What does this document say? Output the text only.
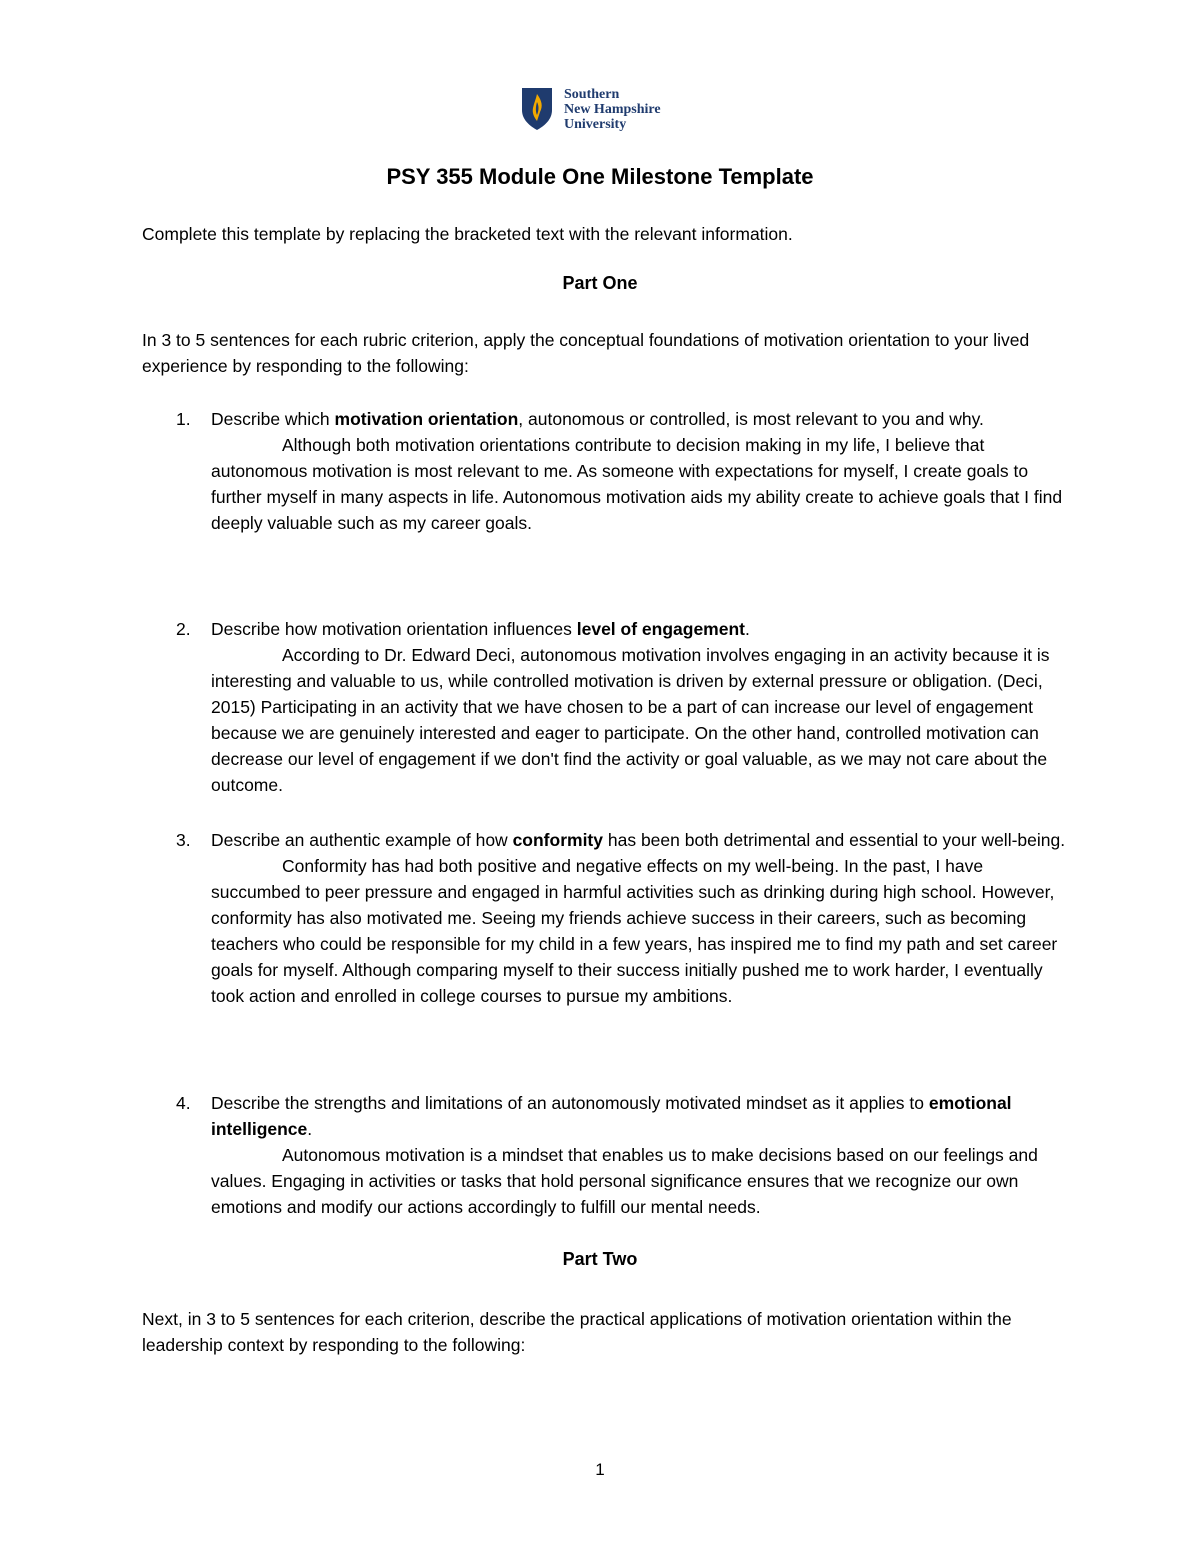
Southern
New Hampshire
University
PSY 355 Module One Milestone Template
Complete this template by replacing the bracketed text with the relevant information.
Part One
In 3 to 5 sentences for each rubric criterion, apply the conceptual foundations of motivation orientation to your lived experience by responding to the following:
1. Describe which motivation orientation, autonomous or controlled, is most relevant to you and why.
Although both motivation orientations contribute to decision making in my life, I believe that autonomous motivation is most relevant to me. As someone with expectations for myself, I create goals to further myself in many aspects in life. Autonomous motivation aids my ability create to achieve goals that I find deeply valuable such as my career goals.
2. Describe how motivation orientation influences level of engagement.
According to Dr. Edward Deci, autonomous motivation involves engaging in an activity because it is interesting and valuable to us, while controlled motivation is driven by external pressure or obligation. (Deci, 2015) Participating in an activity that we have chosen to be a part of can increase our level of engagement because we are genuinely interested and eager to participate. On the other hand, controlled motivation can decrease our level of engagement if we don't find the activity or goal valuable, as we may not care about the outcome.
3. Describe an authentic example of how conformity has been both detrimental and essential to your well-being.
Conformity has had both positive and negative effects on my well-being. In the past, I have succumbed to peer pressure and engaged in harmful activities such as drinking during high school. However, conformity has also motivated me. Seeing my friends achieve success in their careers, such as becoming teachers who could be responsible for my child in a few years, has inspired me to find my path and set career goals for myself. Although comparing myself to their success initially pushed me to work harder, I eventually took action and enrolled in college courses to pursue my ambitions.
4. Describe the strengths and limitations of an autonomously motivated mindset as it applies to emotional intelligence.
Autonomous motivation is a mindset that enables us to make decisions based on our feelings and values. Engaging in activities or tasks that hold personal significance ensures that we recognize our own emotions and modify our actions accordingly to fulfill our mental needs.
Part Two
Next, in 3 to 5 sentences for each criterion, describe the practical applications of motivation orientation within the leadership context by responding to the following:
1
